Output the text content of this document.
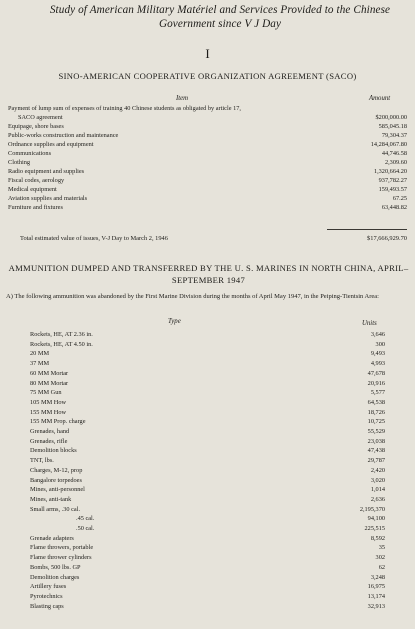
Study of American Military Matériel and Services Provided to the Chinese Government since V J Day
I
SINO-AMERICAN COOPERATIVE ORGANIZATION AGREEMENT (SACO)
Item	Amount
Payment of lump sum of expenses of training 40 Chinese students as obligated by article 17,
SACO agreement	$200,000.00
Equipage, shore bases	585,045.18
Public-works construction and maintenance	79,304.37
Ordnance supplies and equipment	14,284,067.80
Communications	44,746.58
Clothing	2,309.60
Radio equipment and supplies	1,320,664.20
Fiscal codes, aerology	937,782.27
Medical equipment	159,493.57
Aviation supplies and materials	67.25
Furniture and fixtures	63,448.82
Total estimated value of issues, V-J Day to March 2, 1946	$17,666,929.70
AMMUNITION DUMPED AND TRANSFERRED BY THE U. S. MARINES IN NORTH CHINA, APRIL–SEPTEMBER 1947
A) The following ammunition was abandoned by the First Marine Division during the months of April May 1947, in the Peiping-Tientsin Area:
Type	Units
Rockets, HE, AT 2.36 in.	3,646
Rockets, HE, AT 4.50 in.	300
20 MM	9,493
37 MM	4,993
60 MM Mortar	47,678
80 MM Mortar	20,916
75 MM Gun	5,577
105 MM How	64,538
155 MM How	18,726
155 MM Prop. charge	10,725
Grenades, hand	55,529
Grenades, rifle	23,038
Demolition blocks	47,438
TNT, lbs.	29,787
Charges, M-12, prop	2,420
Bangalore torpedoes	3,020
Mines, anti-personnel	1,014
Mines, anti-tank	2,636
Small arms, .30 cal.	2,195,370
.45 cal.	94,100
.50 cal.	225,515
Grenade adapters	8,592
Flame throwers, portable	35
Flame thrower cylinders	302
Bombs, 500 lbs. GP	62
Demolition charges	3,248
Artillery fuses	16,975
Pyrotechnics	13,174
Blasting caps	32,913
